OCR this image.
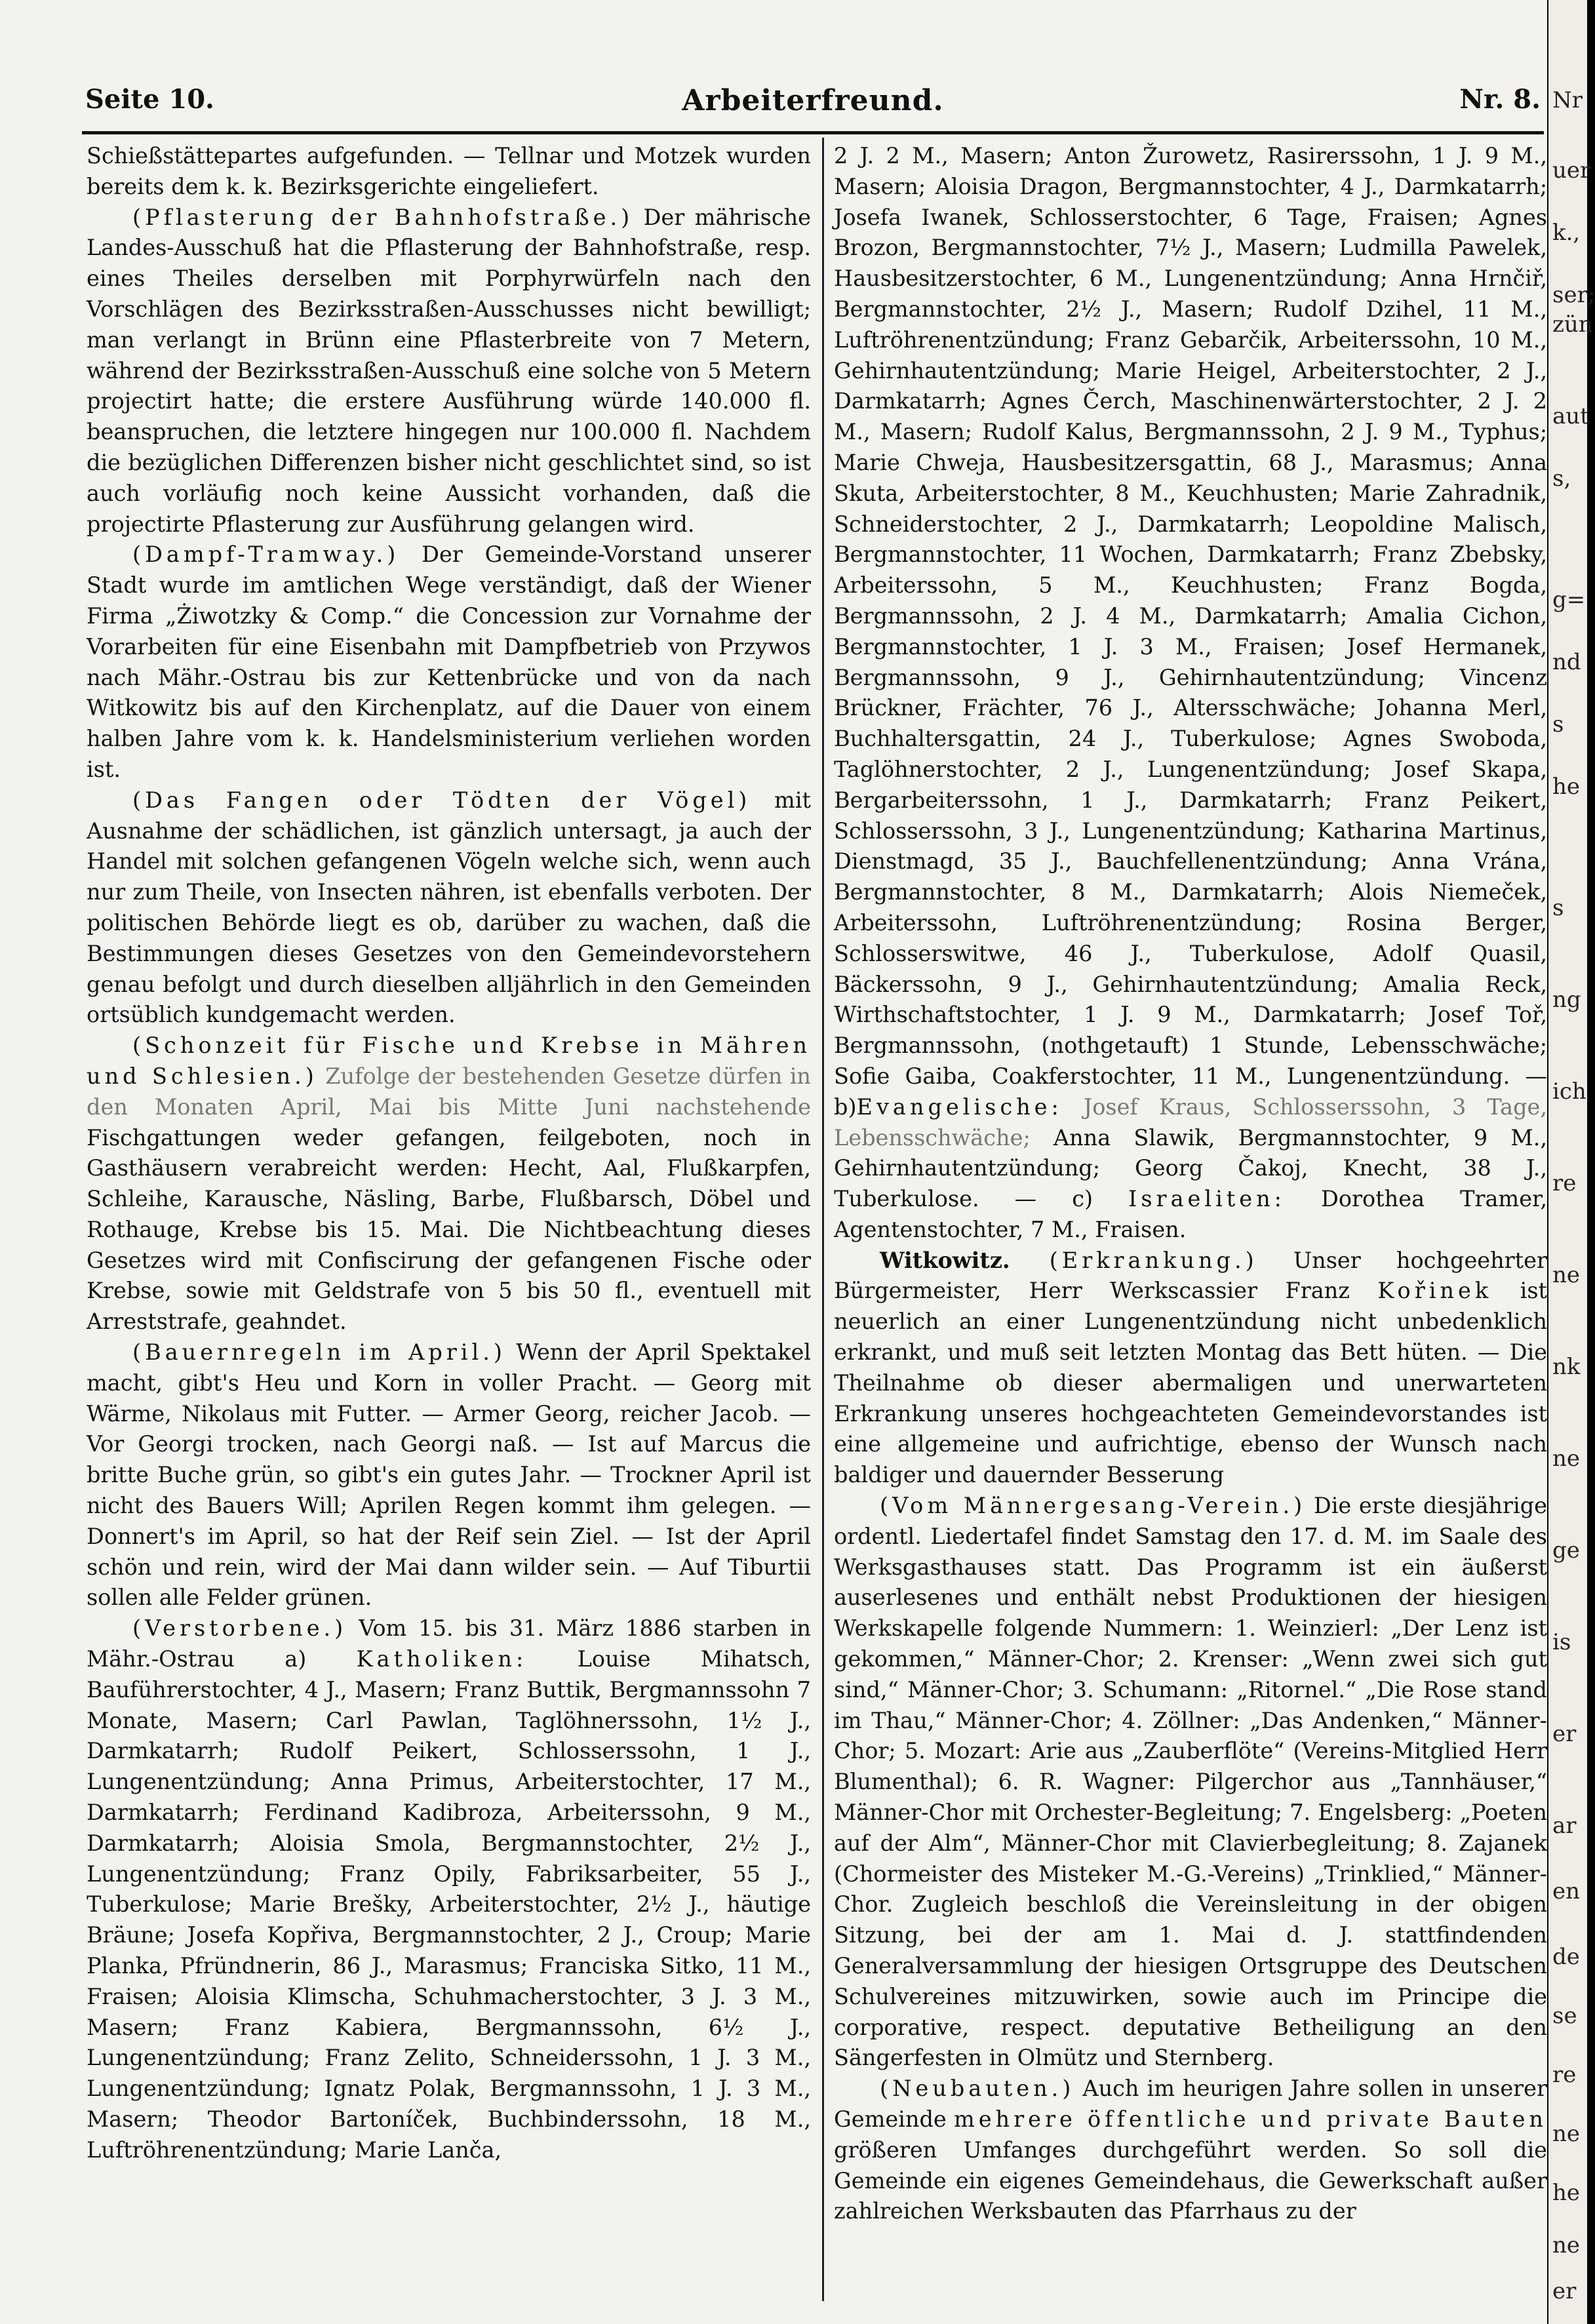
Seite 10.	Arbeiterfreund.	Nr. 8.

Schießstättepartes aufgefunden. — Tellnar und Motzek wurden bereits dem k. k. Bezirksgerichte eingeliefert.

(Pflasterung der Bahnhofstraße.) Der mährische Landes-Ausschuß hat die Pflasterung der Bahnhofstraße, resp. eines Theiles derselben mit Porphyrwürfeln nach den Vorschlägen des Bezirksstraßen-Ausschusses nicht bewilligt; man verlangt in Brünn eine Pflasterbreite von 7 Metern, während der Bezirksstraßen-Ausschuß eine solche von 5 Metern projectirt hatte; die erstere Ausführung würde 140.000 fl. beanspruchen, die letztere hingegen nur 100.000 fl. Nachdem die bezüglichen Differenzen bisher nicht geschlichtet sind, so ist auch vorläufig noch keine Aussicht vorhanden, daß die projectirte Pflasterung zur Ausführung gelangen wird.

(Dampf-Tramway.) Der Gemeinde-Vorstand unserer Stadt wurde im amtlichen Wege verständigt, daß der Wiener Firma „Żiwotzky & Comp.“ die Concession zur Vornahme der Vorarbeiten für eine Eisenbahn mit Dampfbetrieb von Przywos nach Mähr.-Ostrau bis zur Kettenbrücke und von da nach Witkowitz bis auf den Kirchenplatz, auf die Dauer von einem halben Jahre vom k. k. Handelsministerium verliehen worden ist.

(Das Fangen oder Tödten der Vögel) mit Ausnahme der schädlichen, ist gänzlich untersagt, ja auch der Handel mit solchen gefangenen Vögeln welche sich, wenn auch nur zum Theile, von Insecten nähren, ist ebenfalls verboten. Der politischen Behörde liegt es ob, darüber zu wachen, daß die Bestimmungen dieses Gesetzes von den Gemeindevorstehern genau befolgt und durch dieselben alljährlich in den Gemeinden ortsüblich kundgemacht werden.

(Schonzeit für Fische und Krebse in Mähren und Schlesien.) Zufolge der bestehenden Gesetze dürfen in den Monaten April, Mai bis Mitte Juni nachstehende Fischgattungen weder gefangen, feilgeboten, noch in Gasthäusern verabreicht werden: Hecht, Aal, Flußkarpfen, Schleihe, Karausche, Näsling, Barbe, Flußbarsch, Döbel und Rothauge, Krebse bis 15. Mai. Die Nichtbeachtung dieses Gesetzes wird mit Confiscirung der gefangenen Fische oder Krebse, sowie mit Geldstrafe von 5 bis 50 fl., eventuell mit Arreststrafe, geahndet.

(Bauernregeln im April.) Wenn der April Spektakel macht, gibt's Heu und Korn in voller Pracht. — Georg mit Wärme, Nikolaus mit Futter. — Armer Georg, reicher Jacob. — Vor Georgi trocken, nach Georgi naß. — Ist auf Marcus die britte Buche grün, so gibt's ein gutes Jahr. — Trockner April ist nicht des Bauers Will; Aprilen Regen kommt ihm gelegen. — Donnert's im April, so hat der Reif sein Ziel. — Ist der April schön und rein, wird der Mai dann wilder sein. — Auf Tiburtii sollen alle Felder grünen.

(Verstorbene.) Vom 15. bis 31. März 1886 starben in Mähr.-Ostrau a) Katholiken: Louise Mihatsch, Bauführerstochter, 4 J., Masern; Franz Buttik, Bergmannssohn 7 Monate, Masern; Carl Pawlan, Taglöhnerssohn, 1½ J., Darmkatarrh; Rudolf Peikert, Schlosserssohn, 1 J., Lungenentzündung; Anna Primus, Arbeiterstochter, 17 M., Darmkatarrh; Ferdinand Kadibroza, Arbeiterssohn, 9 M., Darmkatarrh; Aloisia Smola, Bergmannstochter, 2½ J., Lungenentzündung; Franz Opily, Fabriksarbeiter, 55 J., Tuberkulose; Marie Brešky, Arbeiterstochter, 2½ J., häutige Bräune; Josefa Kopřiva, Bergmannstochter, 2 J., Croup; Marie Planka, Pfründnerin, 86 J., Marasmus; Franciska Sitko, 11 M., Fraisen; Aloisia Klimscha, Schuhmacherstochter, 3 J. 3 M., Masern; Franz Kabiera, Bergmannssohn, 6½ J., Lungenentzündung; Franz Zelito, Schneiderssohn, 1 J. 3 M., Lungenentzündung; Ignatz Polak, Bergmannssohn, 1 J. 3 M., Masern; Theodor Bartoníček, Buchbinderssohn, 18 M., Luftröhrenentzündung; Marie Lanča,

2 J. 2 M., Masern; Anton Žurowetz, Rasirerssohn, 1 J. 9 M., Masern; Aloisia Dragon, Bergmannstochter, 4 J., Darmkatarrh; Josefa Iwanek, Schlosserstochter, 6 Tage, Fraisen; Agnes Brozon, Bergmannstochter, 7½ J., Masern; Ludmilla Pawelek, Hausbesitzerstochter, 6 M., Lungenentzündung; Anna Hrnčiř, Bergmannstochter, 2½ J., Masern; Rudolf Dzihel, 11 M., Luftröhrenentzündung; Franz Gebarčik, Arbeiterssohn, 10 M., Gehirnhautentzündung; Marie Heigel, Arbeiterstochter, 2 J., Darmkatarrh; Agnes Čerch, Maschinenwärterstochter, 2 J. 2 M., Masern; Rudolf Kalus, Bergmannssohn, 2 J. 9 M., Typhus; Marie Chweja, Hausbesitzersgattin, 68 J., Marasmus; Anna Skuta, Arbeiterstochter, 8 M., Keuchhusten; Marie Zahradnik, Schneiderstochter, 2 J., Darmkatarrh; Leopoldine Malisch, Bergmannstochter, 11 Wochen, Darmkatarrh; Franz Zbebsky, Arbeiterssohn, 5 M., Keuchhusten; Franz Bogda, Bergmannssohn, 2 J. 4 M., Darmkatarrh; Amalia Cichon, Bergmannstochter, 1 J. 3 M., Fraisen; Josef Hermanek, Bergmannssohn, 9 J., Gehirnhautentzündung; Vincenz Brückner, Frächter, 76 J., Altersschwäche; Johanna Merl, Buchhaltersgattin, 24 J., Tuberkulose; Agnes Swoboda, Taglöhnerstochter, 2 J., Lungenentzündung; Josef Skapa, Bergarbeiterssohn, 1 J., Darmkatarrh; Franz Peikert, Schlosserssohn, 3 J., Lungenentzündung; Katharina Martinus, Dienstmagd, 35 J., Bauchfellenentzündung; Anna Vrána, Bergmannstochter, 8 M., Darmkatarrh; Alois Niemeček, Arbeiterssohn, Luftröhrenentzündung; Rosina Berger, Schlosserswitwe, 46 J., Tuberkulose, Adolf Quasil, Bäckerssohn, 9 J., Gehirnhautentzündung; Amalia Reck, Wirthschaftstochter, 1 J. 9 M., Darmkatarrh; Josef Toř, Bergmannssohn, (nothgetauft) 1 Stunde, Lebensschwäche; Sofie Gaiba, Coakferstochter, 11 M., Lungenentzündung. — b)Evangelische: Josef Kraus, Schlosserssohn, 3 Tage, Lebensschwäche; Anna Slawik, Bergmannstochter, 9 M., Gehirnhautentzündung; Georg Čakoj, Knecht, 38 J., Tuberkulose. — c) Israeliten: Dorothea Tramer, Agentenstochter, 7 M., Fraisen.

Witkowitz. (Erkrankung.) Unser hochgeehrter Bürgermeister, Herr Werkscassier Franz Kořinek ist neuerlich an einer Lungenentzündung nicht unbedenklich erkrankt, und muß seit letzten Montag das Bett hüten. — Die Theilnahme ob dieser abermaligen und unerwarteten Erkrankung unseres hochgeachteten Gemeindevorstandes ist eine allgemeine und aufrichtige, ebenso der Wunsch nach baldiger und dauernder Besserung

(Vom Männergesang-Verein.) Die erste diesjährige ordentl. Liedertafel findet Samstag den 17. d. M. im Saale des Werksgasthauses statt. Das Programm ist ein äußerst auserlesenes und enthält nebst Produktionen der hiesigen Werkskapelle folgende Nummern: 1. Weinzierl: „Der Lenz ist gekommen,“ Männer-Chor; 2. Krenser: „Wenn zwei sich gut sind,“ Männer-Chor; 3. Schumann: „Ritornel.“ „Die Rose stand im Thau,“ Männer-Chor; 4. Zöllner: „Das Andenken,“ Männer-Chor; 5. Mozart: Arie aus „Zauberflöte“ (Vereins-Mitglied Herr Blumenthal); 6. R. Wagner: Pilgerchor aus „Tannhäuser,“ Männer-Chor mit Orchester-Begleitung; 7. Engelsberg: „Poeten auf der Alm“, Männer-Chor mit Clavierbegleitung; 8. Zajanek (Chormeister des Misteker M.-G.-Vereins) „Trinklied,“ Männer-Chor. Zugleich beschloß die Vereinsleitung in der obigen Sitzung, bei der am 1. Mai d. J. stattfindenden Generalversammlung der hiesigen Ortsgruppe des Deutschen Schulvereines mitzuwirken, sowie auch im Principe die corporative, respect. deputative Betheiligung an den Sängerfesten in Olmütz und Sternberg.

(Neubauten.) Auch im heurigen Jahre sollen in unserer Gemeinde mehrere öffentliche und private Bauten größeren Umfanges durchgeführt werden. So soll die Gemeinde ein eigenes Gemeindehaus, die Gewerkschaft außer zahlreichen Werksbauten das Pfarrhaus zu der

Nr
uer
k.,
ser;
zün
aut
s,
g=
nd
s
he
s
ng
ich
re
ne
nk
ne
ge
is
er
ar
en
de
se
re
ne
he
ne
er
